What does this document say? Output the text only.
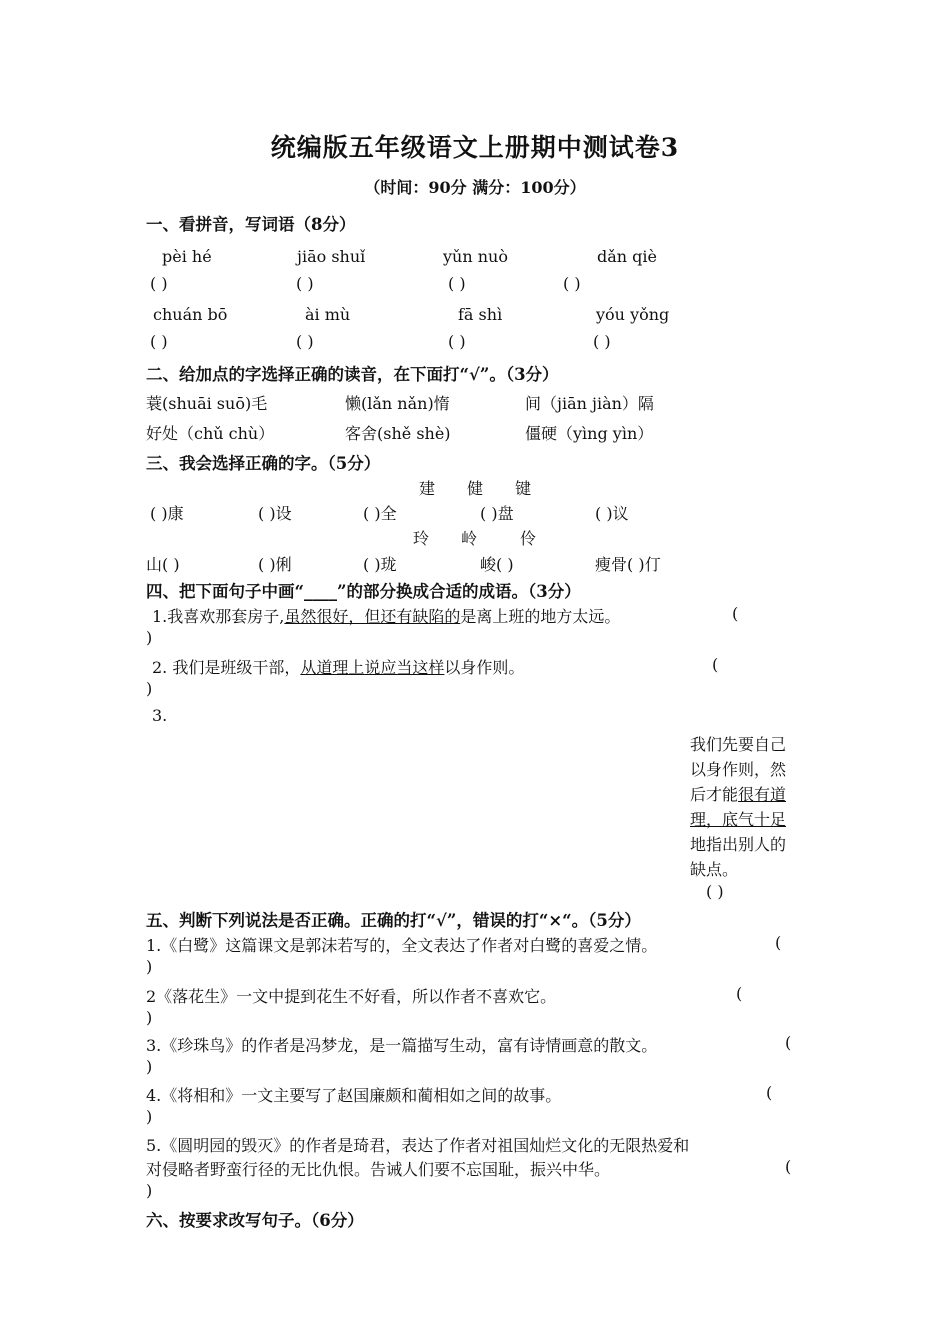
统编版五年级语文上册期中测试卷3
（时间：90分 满分：100分）
一、看拼音，写词语（8分）
pèi hé	jiāo shuǐ	yǔn nuò	dǎn qiè
( )	( )	( )	( )
chuán bō	ài mù	fā shì	yóu yǒng
( )	( )	( )	( )
二、给加点的字选择正确的读音，在下面打“√”。（3分）
蓑(shuāi suō)毛	懒(lǎn nǎn)惰	间（jiān jiàn）隔
好处（chǔ chù）	客舍(shě shè)	僵硬（yìng yìn）
三、我会选择正确的字。（5分）
建 健 键
( )康	( )设	( )全	( )盘	( )议
玲 岭	伶
山( )	( )俐	( )珑	峻( )	瘦骨( )仃
四、把下面句子中画“____”的部分换成合适的成语。（3分）
1.我喜欢那套房子,虽然很好，但还有缺陷的是离上班的地方太远。	(
)
2. 我们是班级干部，从道理上说应当这样以身作则。	(
)
3.
我们先要自己
以身作则，然
后才能很有道
理，底气十足
地指出别人的
缺点。
( )
五、判断下列说法是否正确。正确的打“√”，错误的打“×“。（5分）
1.《白鹭》这篇课文是郭沫若写的，全文表达了作者对白鹭的喜爱之情。	(
)
2《落花生》一文中提到花生不好看，所以作者不喜欢它。	(
)
3.《珍珠鸟》的作者是冯梦龙，是一篇描写生动，富有诗情画意的散文。	(
)
4.《将相和》一文主要写了赵国廉颇和蔺相如之间的故事。	(
)
5.《圆明园的毁灭》的作者是琦君，表达了作者对祖国灿烂文化的无限热爱和
对侵略者野蛮行径的无比仇恨。告诫人们要不忘国耻，振兴中华。	(
)
六、按要求改写句子。（6分）
